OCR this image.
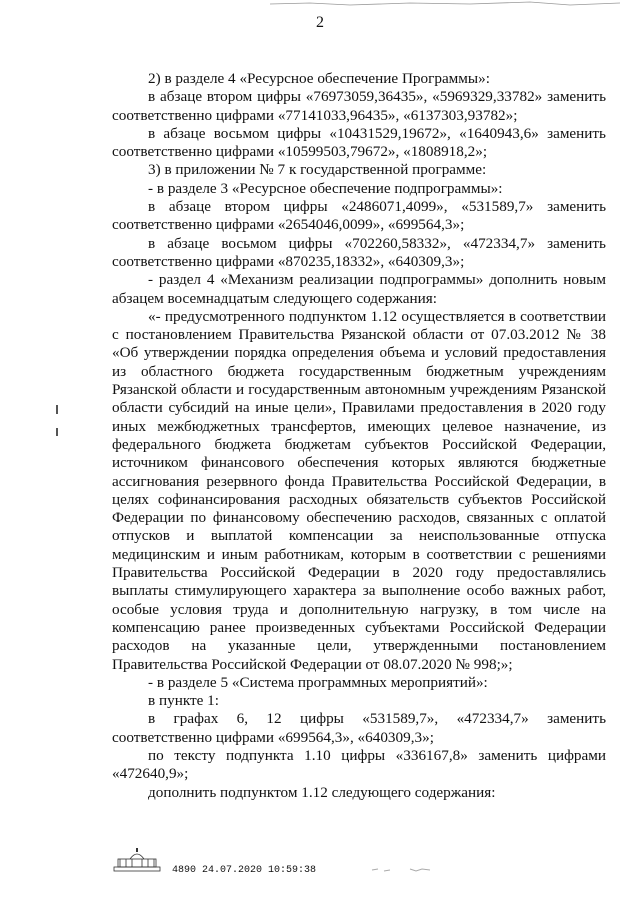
2

2) в разделе 4 «Ресурсное обеспечение Программы»:

в абзаце втором цифры «76973059,36435», «5969329,33782» заменить соответственно цифрами «77141033,96435», «6137303,93782»;

в абзаце восьмом цифры «10431529,19672», «1640943,6» заменить соответственно цифрами «10599503,79672», «1808918,2»;

3) в приложении № 7 к государственной программе:

- в разделе 3 «Ресурсное обеспечение подпрограммы»:

в абзаце втором цифры «2486071,4099», «531589,7» заменить соответственно цифрами «2654046,0099», «699564,3»;

в абзаце восьмом цифры «702260,58332», «472334,7» заменить соответственно цифрами «870235,18332», «640309,3»;

- раздел 4 «Механизм реализации подпрограммы» дополнить новым абзацем восемнадцатым следующего содержания:

«- предусмотренного подпунктом 1.12 осуществляется в соответствии с постановлением Правительства Рязанской области от 07.03.2012 № 38 «Об утверждении порядка определения объема и условий предоставления из областного бюджета государственным бюджетным учреждениям Рязанской области и государственным автономным учреждениям Рязанской области субсидий на иные цели», Правилами предоставления в 2020 году иных межбюджетных трансфертов, имеющих целевое назначение, из федерального бюджета бюджетам субъектов Российской Федерации, источником финансового обеспечения которых являются бюджетные ассигнования резервного фонда Правительства Российской Федерации, в целях софинансирования расходных обязательств субъектов Российской Федерации по финансовому обеспечению расходов, связанных с оплатой отпусков и выплатой компенсации за неиспользованные отпуска медицинским и иным работникам, которым в соответствии с решениями Правительства Российской Федерации в 2020 году предоставлялись выплаты стимулирующего характера за выполнение особо важных работ, особые условия труда и дополнительную нагрузку, в том числе на компенсацию ранее произведенных субъектами Российской Федерации расходов на указанные цели, утвержденными постановлением Правительства Российской Федерации от 08.07.2020 № 998;»;

- в разделе 5 «Система программных мероприятий»:

в пункте 1:

в графах 6, 12 цифры «531589,7», «472334,7» заменить соответственно цифрами «699564,3», «640309,3»;

по тексту подпункта 1.10 цифры «336167,8» заменить цифрами «472640,9»;

дополнить подпунктом 1.12 следующего содержания:

4890 24.07.2020 10:59:38
